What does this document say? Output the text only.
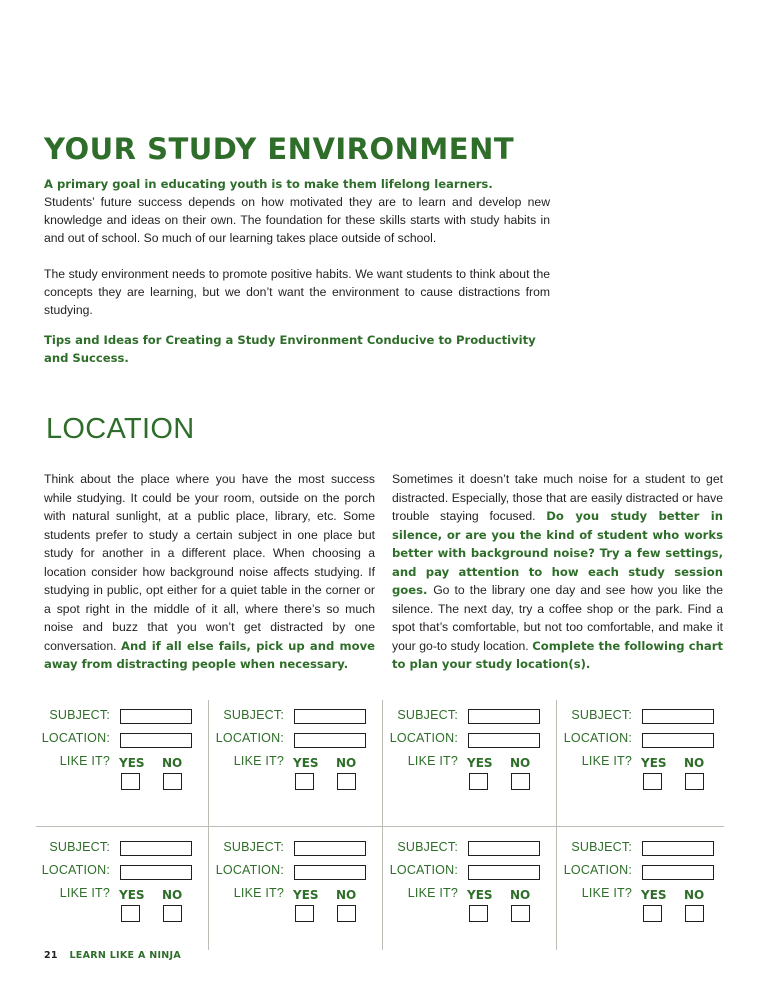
YOUR STUDY ENVIRONMENT
A primary goal in educating youth is to make them lifelong learners.

Students’ future success depends on how motivated they are to learn and develop new knowledge and ideas on their own. The foundation for these skills starts with study habits in and out of school. So much of our learning takes place outside of school.

The study environment needs to promote positive habits. We want students to think about the concepts they are learning, but we don’t want the environment to cause distractions from studying.

Tips and Ideas for Creating a Study Environment Conducive to Productivity and Success.

LOCATION
Think about the place where you have the most success while studying. It could be your room, outside on the porch with natural sunlight, at a public place, library, etc. Some students prefer to study a certain subject in one place but study for another in a different place. When choosing a location consider how background noise affects studying. If studying in public, opt either for a quiet table in the corner or a spot right in the middle of it all, where there’s so much noise and buzz that you won’t get distracted by one conversation. And if all else fails, pick up and move away from distracting people when necessary.
Sometimes it doesn’t take much noise for a student to get distracted. Especially, those that are easily distracted or have trouble staying focused. Do you study better in silence, or are you the kind of student who works better with background noise? Try a few settings, and pay attention to how each study session goes. Go to the library one day and see how you like the silence. The next day, try a coffee shop or the park. Find a spot that’s comfortable, but not too comfortable, and make it your go-to study location. Complete the following chart to plan your study location(s).
SUBJECT:
LOCATION:
LIKE IT? YES NO
SUBJECT:
LOCATION:
LIKE IT? YES NO
SUBJECT:
LOCATION:
LIKE IT? YES NO
SUBJECT:
LOCATION:
LIKE IT? YES NO
SUBJECT:
LOCATION:
LIKE IT? YES NO
SUBJECT:
LOCATION:
LIKE IT? YES NO
SUBJECT:
LOCATION:
LIKE IT? YES NO
SUBJECT:
LOCATION:
LIKE IT? YES NO
21 LEARN LIKE A NINJA
